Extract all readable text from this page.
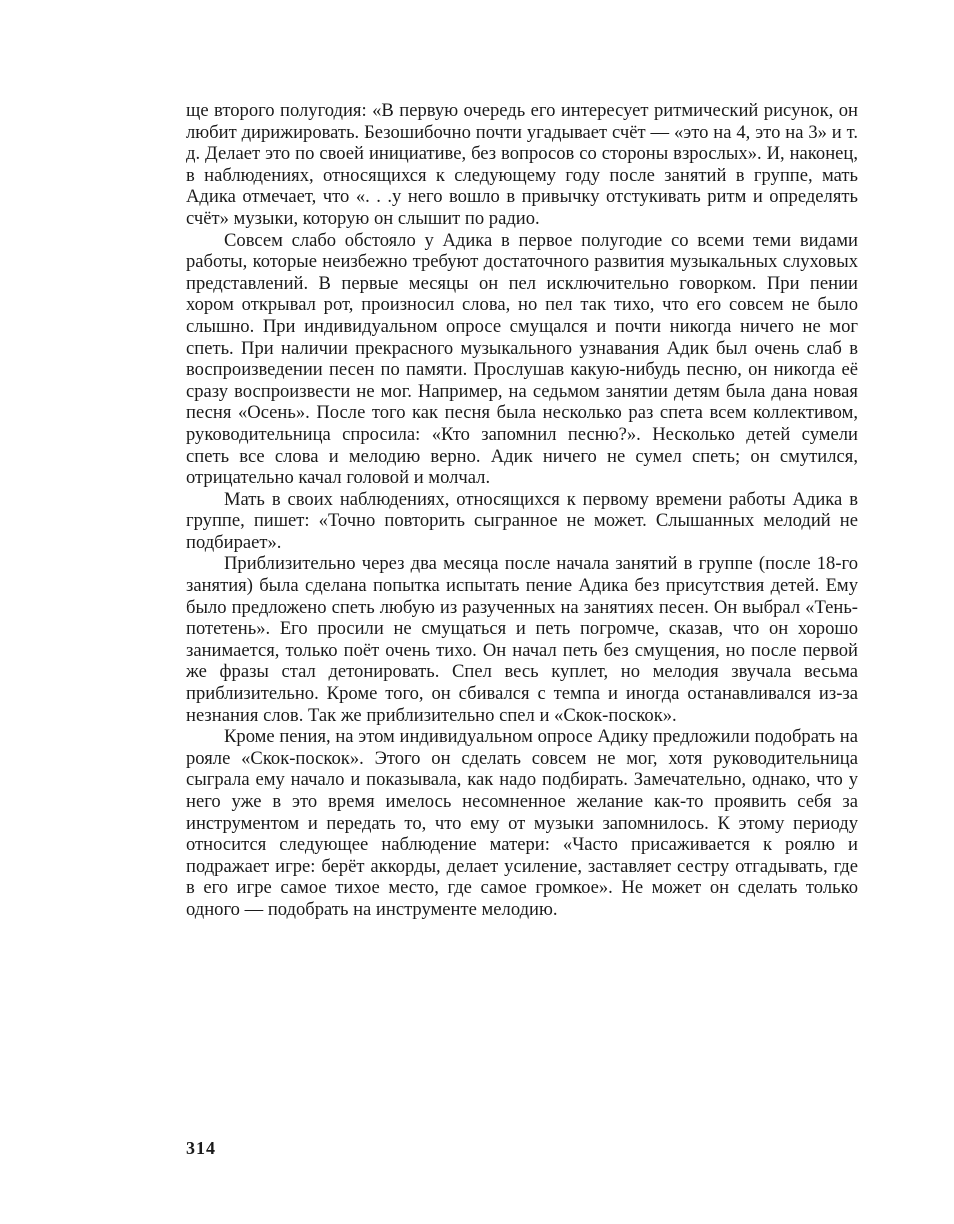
ще второго полугодия: «В первую очередь его интересует ритмический рисунок, он любит дирижировать. Безошибочно почти угадывает счёт — «это на 4, это на 3» и т. д. Делает это по своей инициативе, без вопросов со стороны взрослых». И, наконец, в наблюдениях, относящихся к следующему году после занятий в группе, мать Адика отмечает, что «. . .у него вошло в привычку отстукивать ритм и определять счёт» музыки, которую он слышит по радио.

Совсем слабо обстояло у Адика в первое полугодие со всеми теми видами работы, которые неизбежно требуют достаточного развития музыкальных слуховых представлений. В первые месяцы он пел исключительно говорком. При пении хором открывал рот, произносил слова, но пел так тихо, что его совсем не было слышно. При индивидуальном опросе смущался и почти никогда ничего не мог спеть. При наличии прекрасного музыкального узнавания Адик был очень слаб в воспроизведении песен по памяти. Прослушав какую-нибудь песню, он никогда её сразу воспроизвести не мог. Например, на седьмом занятии детям была дана новая песня «Осень». После того как песня была несколько раз спета всем коллективом, руководительница спросила: «Кто запомнил песню?». Несколько детей сумели спеть все слова и мелодию верно. Адик ничего не сумел спеть; он смутился, отрицательно качал головой и молчал.

Мать в своих наблюдениях, относящихся к первому времени работы Адика в группе, пишет: «Точно повторить сыгранное не может. Слышанных мелодий не подбирает».

Приблизительно через два месяца после начала занятий в группе (после 18-го занятия) была сделана попытка испытать пение Адика без присутствия детей. Ему было предложено спеть любую из разученных на занятиях песен. Он выбрал «Тень-потетень». Его просили не смущаться и петь погромче, сказав, что он хорошо занимается, только поёт очень тихо. Он начал петь без смущения, но после первой же фразы стал детонировать. Спел весь куплет, но мелодия звучала весьма приблизительно. Кроме того, он сбивался с темпа и иногда останавливался из-за незнания слов. Так же приблизительно спел и «Скок-поскок».

Кроме пения, на этом индивидуальном опросе Адику предложили подобрать на рояле «Скок-поскок». Этого он сделать совсем не мог, хотя руководительница сыграла ему начало и показывала, как надо подбирать. Замечательно, однако, что у него уже в это время имелось несомненное желание как-то проявить себя за инструментом и передать то, что ему от музыки запомнилось. К этому периоду относится следующее наблюдение матери: «Часто присаживается к роялю и подражает игре: берёт аккорды, делает усиление, заставляет сестру отгадывать, где в его игре самое тихое место, где самое громкое». Не может он сделать только одного — подобрать на инструменте мелодию.

314
